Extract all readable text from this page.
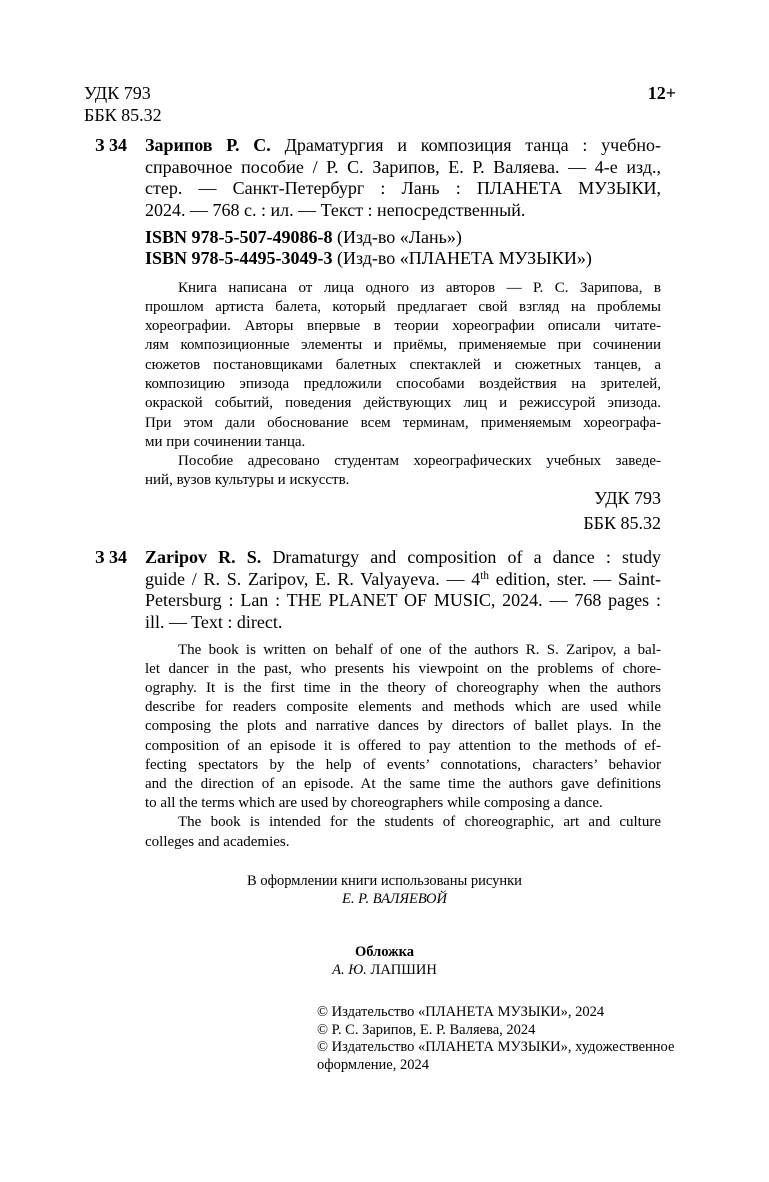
УДК 793
ББК 85.32
12+
З 34 Зарипов Р. С. Драматургия и композиция танца : учебно-
справочное пособие / Р. С. Зарипов, Е. Р. Валяева. — 4-е изд.,
стер. — Санкт-Петербург : Лань : ПЛАНЕТА МУЗЫКИ,
2024. — 768 с. : ил. — Текст : непосредственный.
ISBN 978-5-507-49086-8 (Изд-во «Лань»)
ISBN 978-5-4495-3049-3 (Изд-во «ПЛАНЕТА МУЗЫКИ»)
Книга написана от лица одного из авторов — Р. С. Зарипова, в
прошлом артиста балета, который предлагает свой взгляд на проблемы
хореографии. Авторы впервые в теории хореографии описали читате-
лям композиционные элементы и приёмы, применяемые при сочинении
сюжетов постановщиками балетных спектаклей и сюжетных танцев, а
композицию эпизода предложили способами воздействия на зрителей,
окраской событий, поведения действующих лиц и режиссурой эпизода.
При этом дали обоснование всем терминам, применяемым хореографа-
ми при сочинении танца.
Пособие адресовано студентам хореографических учебных заведе-
ний, вузов культуры и искусств.
УДК 793
ББК 85.32
З 34 Zaripov R. S. Dramaturgy and composition of a dance : study
guide / R. S. Zaripov, E. R. Valyayeva. — 4th edition, ster. — Saint-
Petersburg : Lan : THE PLANET OF MUSIC, 2024. — 768 pages :
ill. — Text : direct.
The book is written on behalf of one of the authors R. S. Zaripov, a bal-
let dancer in the past, who presents his viewpoint on the problems of chore-
ography. It is the first time in the theory of choreography when the authors
describe for readers composite elements and methods which are used while
composing the plots and narrative dances by directors of ballet plays. In the
composition of an episode it is offered to pay attention to the methods of ef-
fecting spectators by the help of events’ connotations, characters’ behavior
and the direction of an episode. At the same time the authors gave definitions
to all the terms which are used by choreographers while composing a dance.
The book is intended for the students of choreographic, art and culture
colleges and academies.
В оформлении книги использованы рисунки
Е. Р. ВАЛЯЕВОЙ
Обложка
А. Ю. ЛАПШИН
© Издательство «ПЛАНЕТА МУЗЫКИ», 2024
© Р. С. Зарипов, Е. Р. Валяева, 2024
© Издательство «ПЛАНЕТА МУЗЫКИ», художественное
оформление, 2024
